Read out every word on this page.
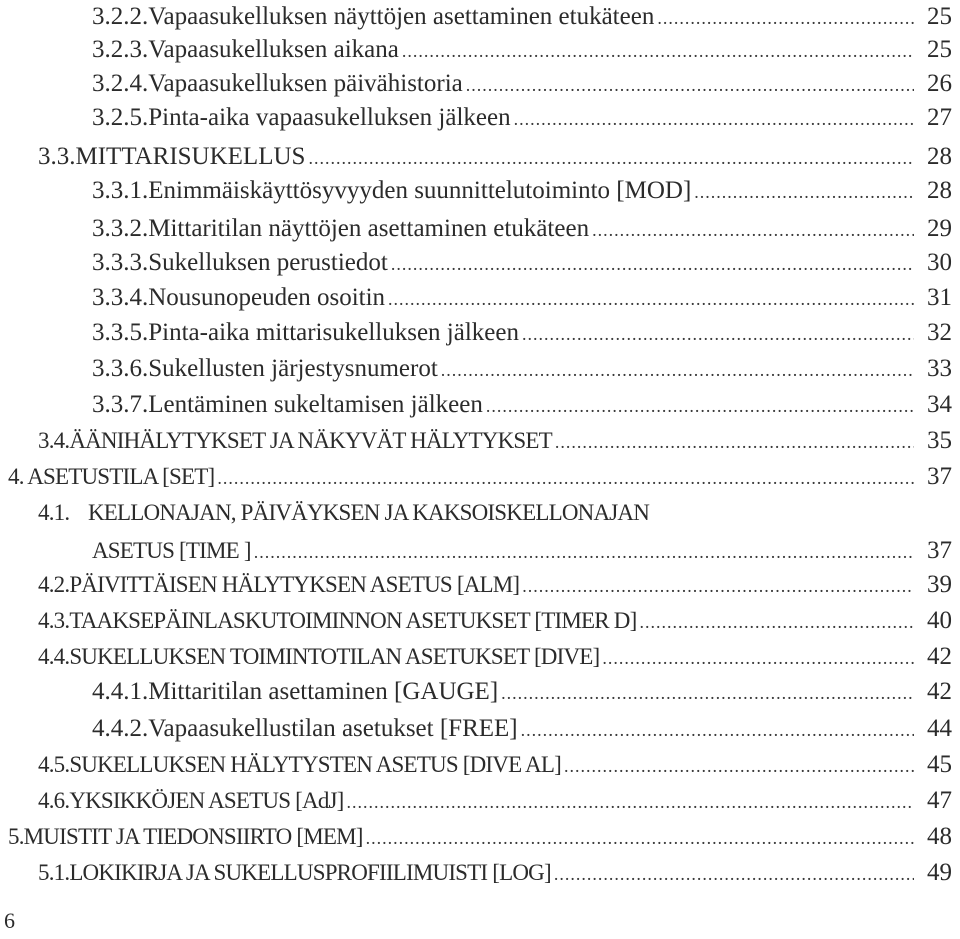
3.2.2. Vapaasukelluksen näyttöjen asettaminen etukäteen .....	25
3.2.3. Vapaasukelluksen aikana .....	25
3.2.4. Vapaasukelluksen päivähistoria .....	26
3.2.5. Pinta-aika vapaasukelluksen jälkeen .....	27
3.3. MITTARISUKELLUS .....	28
3.3.1. Enimmäiskäyttösyvyyden suunnittelutoiminto [MOD] .....	28
3.3.2. Mittaritilan näyttöjen asettaminen etukäteen .....	29
3.3.3. Sukelluksen perustiedot .....	30
3.3.4. Nousunopeuden osoitin .....	31
3.3.5. Pinta-aika mittarisukelluksen jälkeen .....	32
3.3.6. Sukellusten järjestysnumerot .....	33
3.3.7. Lentäminen sukeltamisen jälkeen .....	34
3.4. ÄÄNIHÄLYTYKSET JA NÄKYVÄT HÄLYTYKSET .....	35
4. ASETUSTILA [SET] .....	37
4.1. KELLONAJAN, PÄIVÄYKSEN JA KAKSOISKELLONAJAN
ASETUS [TIME ] .....	37
4.2. PÄIVITTÄISEN HÄLYTYKSEN ASETUS [ALM] .....	39
4.3. TAAKSEPÄINLASKUTOIMINNON ASETUKSET [TIMER D] .....	40
4.4. SUKELLUKSEN TOIMINTOTILAN ASETUKSET [DIVE] .....	42
4.4.1. Mittaritilan asettaminen [GAUGE] .....	42
4.4.2. Vapaasukellustilan asetukset [FREE] .....	44
4.5. SUKELLUKSEN HÄLYTYSTEN ASETUS [DIVE AL] .....	45
4.6. YKSIKKÖJEN ASETUS [AdJ] .....	47
5. MUISTIT JA TIEDONSIIRTO [MEM] .....	48
5.1. LOKIKIRJA JA SUKELLUSPROFIILIMUISTI [LOG] .....	49
6
